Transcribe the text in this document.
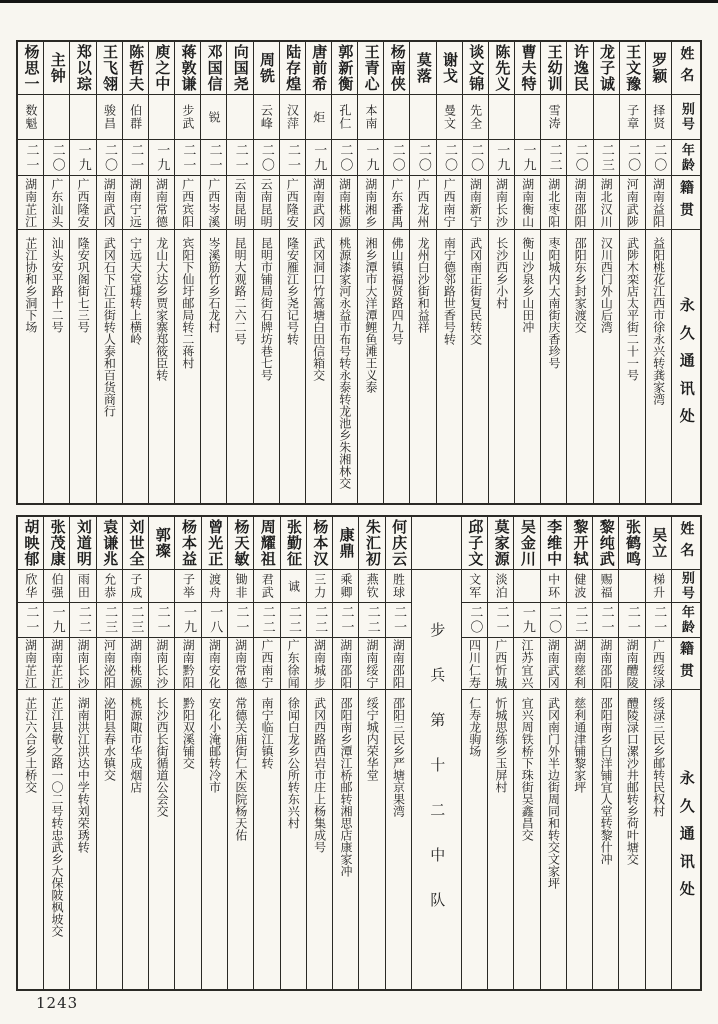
姓名
别号
年龄
籍贯
永久通讯处
罗颖
择贤
二〇
湖南益阳
益阳桃花江西市徐永兴转龚家湾
王文豫
子章
二〇
河南武陟
武陟木栾店太平街二十一号
龙子诚
二三
湖北汉川
汉川西门外山后湾
许逸民
二〇
湖南邵阳
邵阳东乡封家渡交
王幼训
雪涛
二二
湖北枣阳
枣阳城内大南街庆香珍号
曹夫特
一九
湖南衡山
衡山沙泉乡山田冲
陈先义
一九
湖南长沙
长沙西乡小村
谈文锦
先全
二〇
湖南新宁
武冈南正街复民转交
谢戈
曼文
二〇
广西南宁
南宁德邻路世香号转
莫落
二〇
广西龙州
龙州白沙街和益祥
杨南侠
二〇
广东番禺
佛山镇福贤路四九号
王青心
本南
一九
湖南湘乡
湘乡潭市大洋潭鲤鱼滩王义泰
郭新衡
孔仁
二〇
湖南桃源
桃源漆家河永益市布号转永泰转龙池乡朱湘林交
唐前希
炬
一九
湖南武冈
武冈洞口竹篙塘白田信箱交
陆存煌
汉萍
二一
广西隆安
隆安雁江乡尧记号转
周铣
云峰
二〇
云南昆明
昆明市铺局街石牌坊巷七号
向国尧
二一
云南昆明
昆明大观路二六二号
邓国信
锐
二一
广西岑溪
岑溪筋竹乡石龙村
蒋敦谦
步武
二一
广西宾阳
宾阳下仙圩邮局转二蒋村
庾之中
一九
湖南常德
龙山大达乡贾家寨郑筱臣转
陈哲夫
伯群
二一
湖南宁远
宁远天堂墟转上横岭
王飞翎
骏昌
二〇
湖南武冈
武冈石下江正街转人泰和百货商行
郑以琮
一九
广西隆安
隆安巩阁街七三号
主钟
二〇
广东汕头
汕头安平路十二号
杨思一
数魁
二一
湖南芷江
芷江协和乡洞下场
姓名
别号
年龄
籍贯
永久通讯处
吴立
梯升
二一
广西绥渌
绥渌三民乡邮转民权村
张鹤鸣
二一
湖南醴陵
醴陵渌口漯沙井邮转乡荷叶塘交
黎纯武
赐福
二一
湖南邵阳
邵阳南乡白洋铺宜人堂转黎什冲
黎开轼
健波
二二
湖南慈利
慈利通津铺黎家坪
李维中
中环
二〇
湖南武冈
武冈南门外半边街周同和转交文家坪
吴金川
一九
江苏宜兴
宜兴周铁桥下珠街吴鑫昌交
莫家源
淡泊
二一
广西忻城
忻城思练乡玉屏村
邱子文
文军
二〇
四川仁寿
仁寿龙驹场
步兵第十二中队
何庆云
胜球
二一
湖南邵阳
邵阳三民乡严塘京果湾
朱汇初
燕钦
二二
湖南绥宁
绥宁城内荣华堂
康鼎
乘卿
二一
湖南邵阳
邵阳南乡潭江桥邮转湘思店康家冲
杨本汉
三力
二二
湖南城步
武冈西路西岩市庄上杨集成号
张勤征
诚
二二
广东徐闻
徐闻白龙乡公所转东兴村
周耀祖
君武
二二
广西南宁
南宁临江镇转
杨天敏
锄非
二一
湖南常德
常德关庙街仁术医院杨天佑
曾光正
渡舟
一八
湖南安化
安化小淹邮转冷市
杨本益
子举
一九
湖南黔阳
黔阳双溪铺交
郭璨
二一
湖南长沙
长沙西长街循道公会交
刘世全
子成
二三
湖南桃源
桃源陬市华成烟店
袁谦兆
允恭
二三
河南泌阳
泌阳县春水镇交
刘道明
雨田
二二
湖南长沙
湖南洪江洪达中学转刘荣琇转
张茂康
伯强
一九
湖南芷江
芷江县敬之路一〇二号转忠武乡大保陂枫坡交
胡映郁
欣华
二一
湖南芷江
芷江六合乡土桥交
1243
